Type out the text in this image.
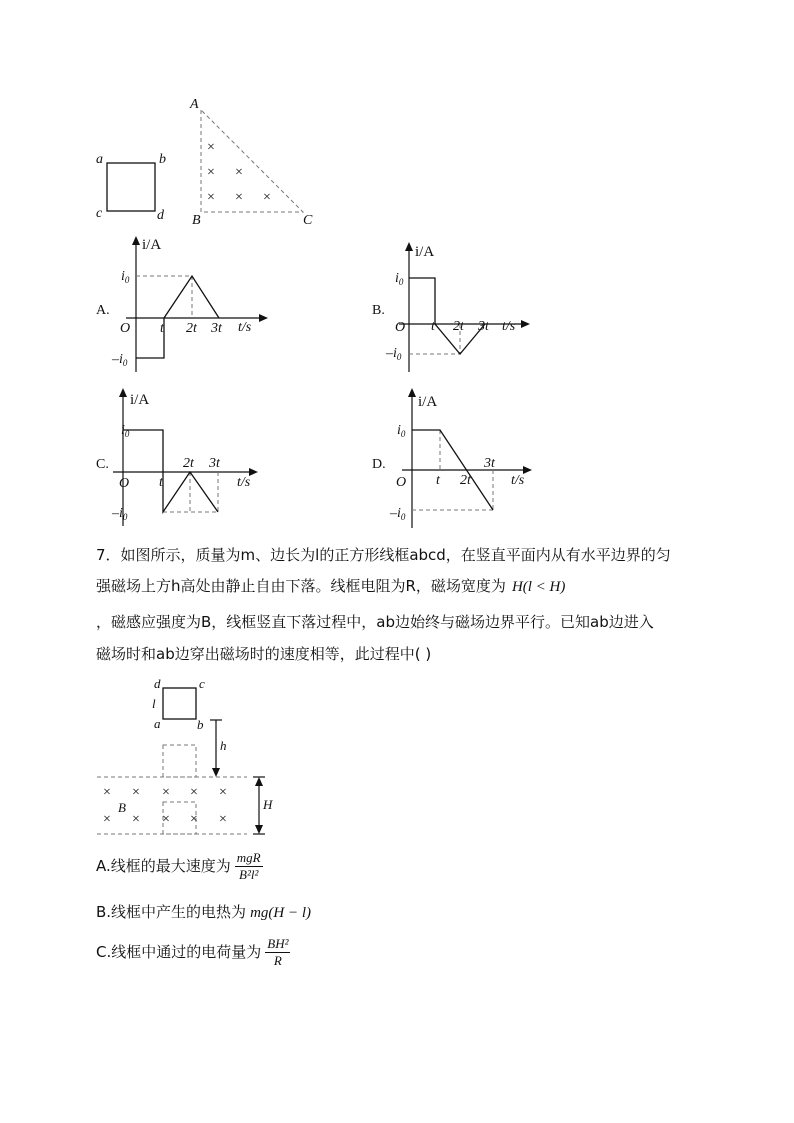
a	b
c	d
A
B	C
×
× ×
× × ×
i/A
t/s
O
A.
$i_0$
$-i_0$
t 2t 3t
i/A
t/s
O
B.
$i_0$
$-i_0$
t 2t 3t
i/A
t/s
O
C.
$i_0$
$-i_0$
t
2t 3t
i/A
t/s
O
D.
$i_0$
$-i_0$
t 2t
3t
7．如图所示，质量为m、边长为l的正方形线框abcd，在竖直平面内从有水平边界的匀
强磁场上方h高处由静止自由下落。线框电阻为R，磁场宽度为 H(l < H)
，磁感应强度为B，线框竖直下落过程中，ab边始终与磁场边界平行。已知ab边进入
磁场时和ab边穿出磁场时的速度相等，此过程中( )
d	c
l
a	b
h
H
B
× × × × ×
× × × × ×
A.线框的最大速度为 $\frac{\text{mgR}}{\text{B²l²}}$
B.线框中产生的电热为 mg(H − l)
C.线框中通过的电荷量为 $\frac{\text{BH²}}{R}$
